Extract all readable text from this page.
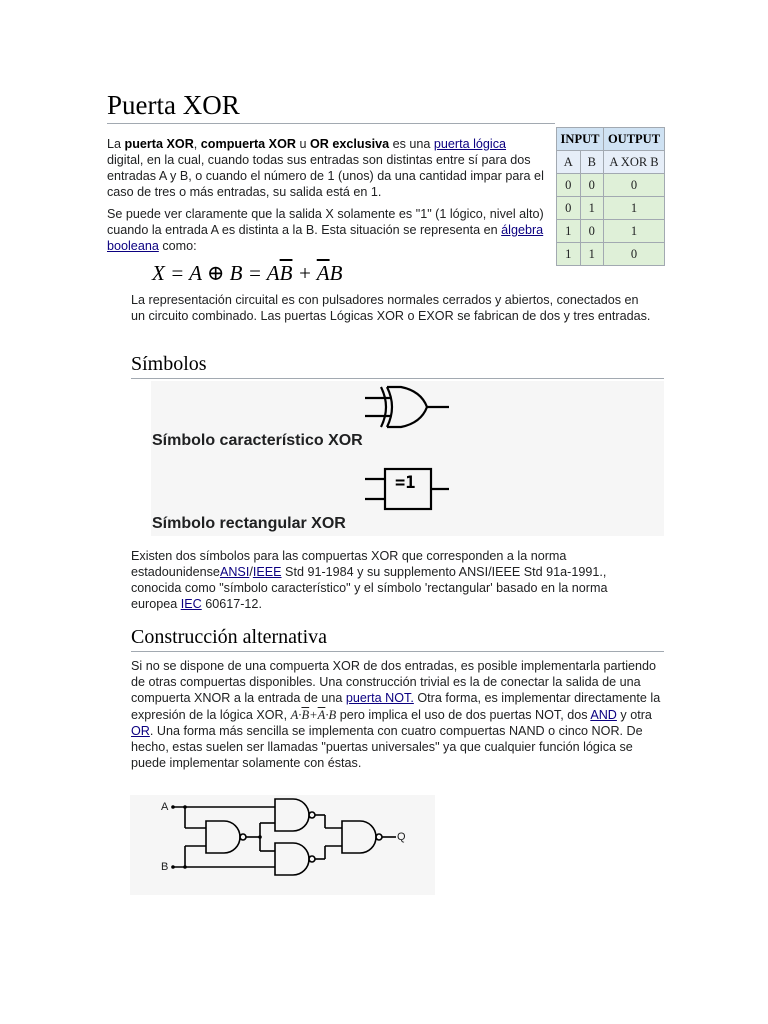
Puerta XOR

La puerta XOR, compuerta XOR u OR exclusiva es una puerta lógica digital, en la cual, cuando todas sus entradas son distintas entre sí para dos entradas A y B, o cuando el número de 1 (unos) da una cantidad impar para el caso de tres o más entradas, su salida está en 1.

Se puede ver claramente que la salida X solamente es "1" (1 lógico, nivel alto) cuando la entrada A es distinta a la B. Esta situación se representa en álgebra booleana como:

X = A ⊕ $B = A\overline{B} + \overline{A}B$

La representación circuital es con pulsadores normales cerrados y abiertos, conectados en un circuito combinado. Las puertas Lógicas XOR o EXOR se fabrican de dos y tres entradas.

INPUT		OUTPUT
A	B	A XOR B
0	0	0
0	1	1
1	0	1
1	1	0
Símbolos
Símbolo característico XOR
=1
Símbolo rectangular XOR

Existen dos símbolos para las compuertas XOR que corresponden a la norma estadounidenseANSI/IEEE Std 91-1984 y su supplemento ANSI/IEEE Std 91a-1991., conocida como "símbolo característico" y el símbolo 'rectangular' basado en la norma europea IEC 60617-12.

Construcción alternativa

Si no se dispone de una compuerta XOR de dos entradas, es posible implementarla partiendo de otras compuertas disponibles. Una construcción trivial es la de conectar la salida de una compuerta XNOR a la entrada de una puerta NOT. Otra forma, es implementar directamente la expresión de la lógica XOR, $A\cdot\overline{B}+\overline{A}\cdot B$ pero implica el uso de dos puertas NOT, dos AND y otra OR. Una forma más sencilla se implementa con cuatro compuertas NAND o cinco NOR. De hecho, estas suelen ser llamadas "puertas universales" ya que cualquier función lógica se puede implementar solamente con éstas.

A
B
Q
